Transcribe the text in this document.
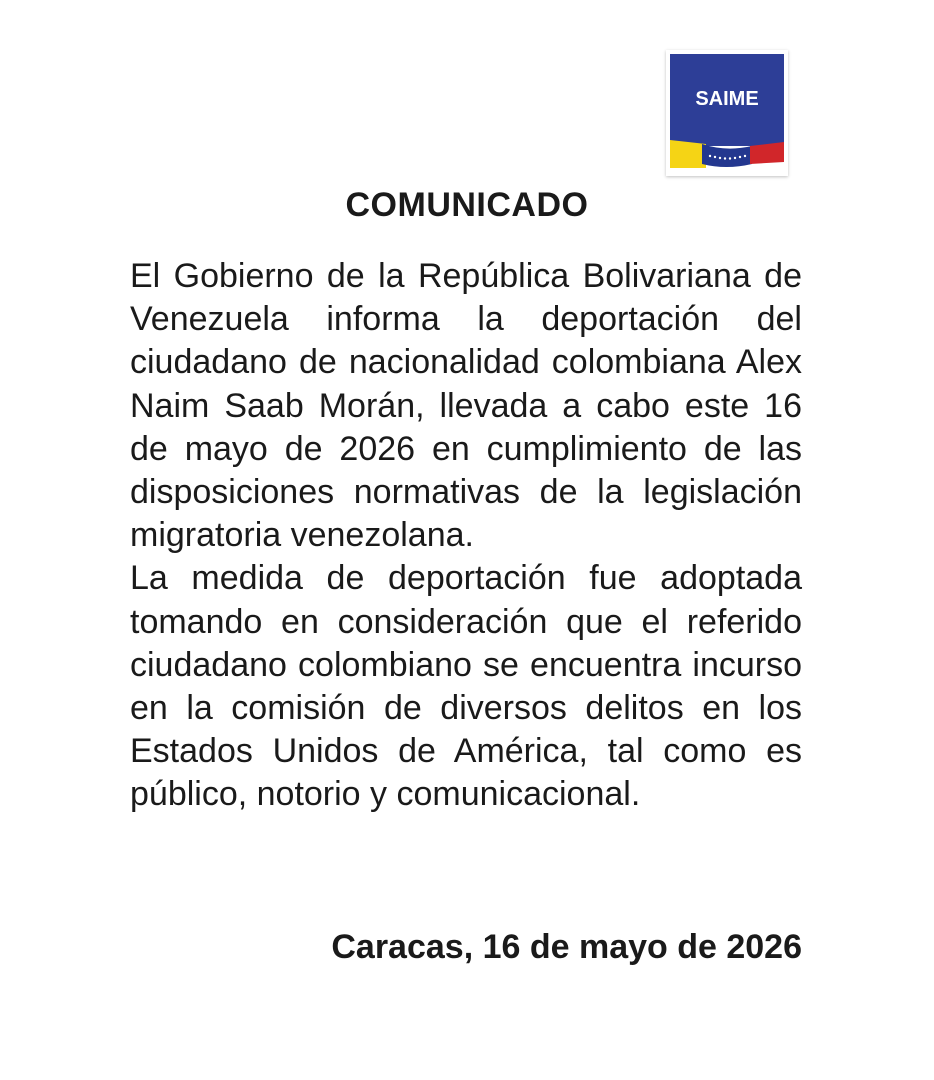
SAIME
COMUNICADO

El Gobierno de la República Bolivariana de Venezuela informa la deportación del ciudadano de nacionalidad colombiana Alex Naim Saab Morán, llevada a cabo este 16 de mayo de 2026 en cumplimiento de las disposiciones normativas de la legislación migratoria venezolana.

La medida de deportación fue adoptada tomando en consideración que el referido ciudadano colombiano se encuentra incurso en la comisión de diversos delitos en los Estados Unidos de América, tal como es público, notorio y comunicacional.

Caracas, 16 de mayo de 2026
